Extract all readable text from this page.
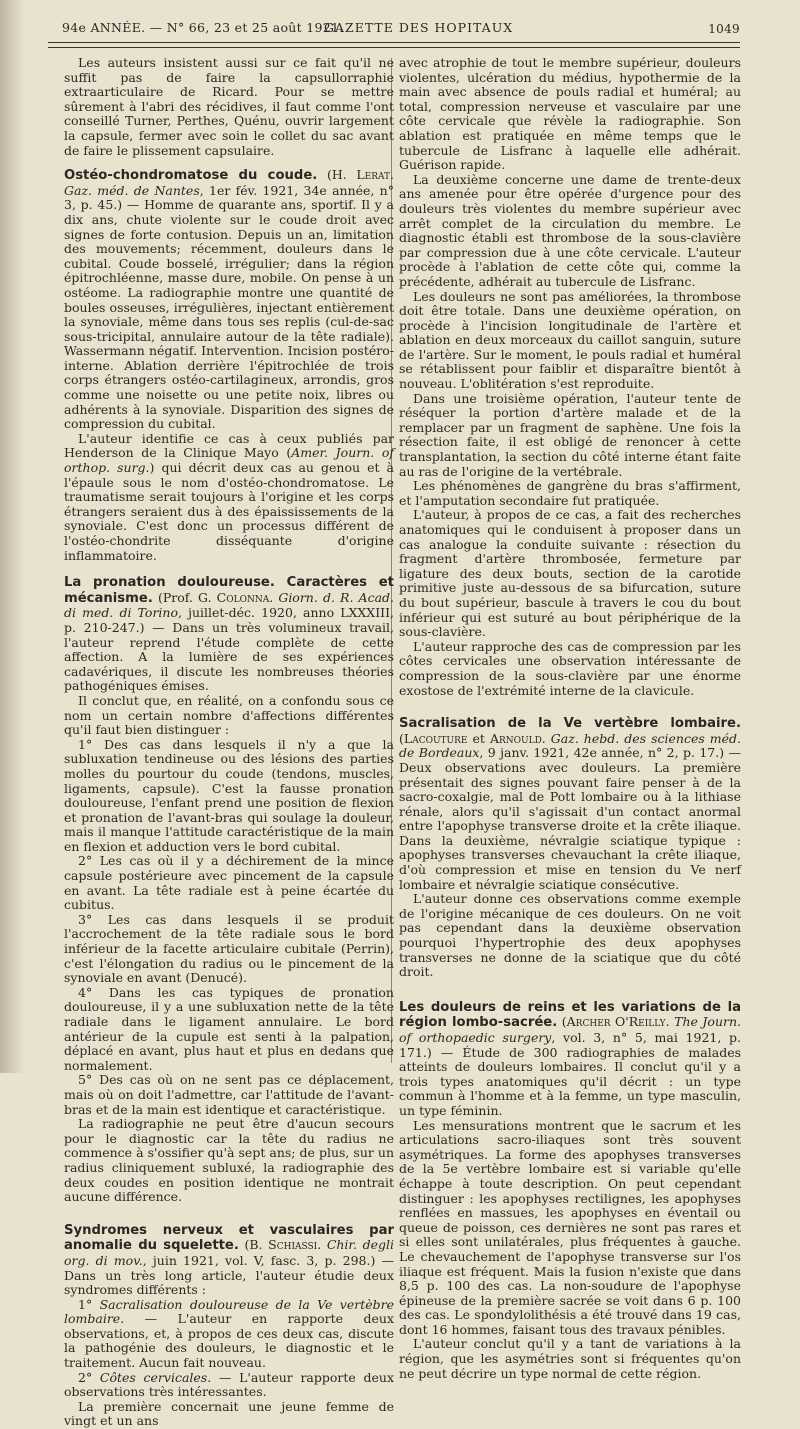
94e ANNÉE. — N° 66, 23 et 25 août 1921.
GAZETTE DES HOPITAUX	1049

Les auteurs insistent aussi sur ce fait qu'il ne suffit pas de faire la capsullorraphie extraarticulaire de Ricard. Pour se mettre sûrement à l'abri des récidives, il faut comme l'ont conseillé Turner, Perthes, Quénu, ouvrir largement la capsule, fermer avec soin le collet du sac avant de faire le plissement capsulaire.

Ostéo-chondromatose du coude. (H. Lerat. Gaz. méd. de Nantes, 1er fév. 1921, 34e année, n° 3, p. 45.) — Homme de quarante ans, sportif. Il y a dix ans, chute violente sur le coude droit avec signes de forte contusion. Depuis un an, limitation des mouvements; récemment, douleurs dans le cubital. Coude bosselé, irrégulier; dans la région épitrochléenne, masse dure, mobile. On pense à un ostéome. La radiographie montre une quantité de boules osseuses, irrégulières, injectant entièrement la synoviale, même dans tous ses replis (cul-de-sac sous-tricipital, annulaire autour de la tête radiale). Wassermann négatif. Intervention. Incision postéro-interne. Ablation derrière l'épitrochlée de trois corps étrangers ostéo-cartilagineux, arrondis, gros comme une noisette ou une petite noix, libres ou adhérents à la synoviale. Disparition des signes de compression du cubital.

L'auteur identifie ce cas à ceux publiés par Henderson de la Clinique Mayo (Amer. Journ. of orthop. surg.) qui décrit deux cas au genou et à l'épaule sous le nom d'ostéo-chondromatose. Le traumatisme serait toujours à l'origine et les corps étrangers seraient dus à des épaississements de la synoviale. C'est donc un processus différent de l'ostéo-chondrite disséquante d'origine inflammatoire.

La pronation douloureuse. Caractères et mécanisme. (Prof. G. Colonna. Giorn. d. R. Acad. di med. di Torino, juillet-déc. 1920, anno LXXXIII, p. 210-247.) — Dans un très volumineux travail, l'auteur reprend l'étude complète de cette affection. A la lumière de ses expériences cadavériques, il discute les nombreuses théories pathogéniques émises.

Il conclut que, en réalité, on a confondu sous ce nom un certain nombre d'affections différentes qu'il faut bien distinguer :

1° Des cas dans lesquels il n'y a que la subluxation tendineuse ou des lésions des parties molles du pourtour du coude (tendons, muscles, ligaments, capsule). C'est la fausse pronation douloureuse, l'enfant prend une position de flexion et pronation de l'avant-bras qui soulage la douleur, mais il manque l'attitude caractéristique de la main en flexion et adduction vers le bord cubital.

2° Les cas où il y a déchirement de la mince capsule postérieure avec pincement de la capsule en avant. La tête radiale est à peine écartée du cubitus.

3° Les cas dans lesquels il se produit l'accrochement de la tête radiale sous le bord inférieur de la facette articulaire cubitale (Perrin), c'est l'élongation du radius ou le pincement de la synoviale en avant (Denucé).

4° Dans les cas typiques de pronation douloureuse, il y a une subluxation nette de la tête radiale dans le ligament annulaire. Le bord antérieur de la cupule est senti à la palpation, déplacé en avant, plus haut et plus en dedans que normalement.

5° Des cas où on ne sent pas ce déplacement, mais où on doit l'admettre, car l'attitude de l'avant-bras et de la main est identique et caractéristique.

La radiographie ne peut être d'aucun secours pour le diagnostic car la tête du radius ne commence à s'ossifier qu'à sept ans; de plus, sur un radius cliniquement subluxé, la radiographie des deux coudes en position identique ne montrait aucune différence.

Syndromes nerveux et vasculaires par anomalie du squelette. (B. Schiassi. Chir. degli org. di mov., juin 1921, vol. V, fasc. 3, p. 298.) — Dans un très long article, l'auteur étudie deux syndromes différents :

1° Sacralisation douloureuse de la Ve vertèbre lombaire. — L'auteur en rapporte deux observations, et, à propos de ces deux cas, discute la pathogénie des douleurs, le diagnostic et le traitement. Aucun fait nouveau.

2° Côtes cervicales. — L'auteur rapporte deux observations très intéressantes.

La première concernait une jeune femme de vingt et un ans

avec atrophie de tout le membre supérieur, douleurs violentes, ulcération du médius, hypothermie de la main avec absence de pouls radial et huméral; au total, compression nerveuse et vasculaire par une côte cervicale que révèle la radiographie. Son ablation est pratiquée en même temps que le tubercule de Lisfranc à laquelle elle adhérait. Guérison rapide.

La deuxième concerne une dame de trente-deux ans amenée pour être opérée d'urgence pour des douleurs très violentes du membre supérieur avec arrêt complet de la circulation du membre. Le diagnostic établi est thrombose de la sous-clavière par compression due à une côte cervicale. L'auteur procède à l'ablation de cette côte qui, comme la précédente, adhérait au tubercule de Lisfranc.

Les douleurs ne sont pas améliorées, la thrombose doit être totale. Dans une deuxième opération, on procède à l'incision longitudinale de l'artère et ablation en deux morceaux du caillot sanguin, suture de l'artère. Sur le moment, le pouls radial et huméral se rétablissent pour faiblir et disparaître bientôt à nouveau. L'oblitération s'est reproduite.

Dans une troisième opération, l'auteur tente de réséquer la portion d'artère malade et de la remplacer par un fragment de saphène. Une fois la résection faite, il est obligé de renoncer à cette transplantation, la section du côté interne étant faite au ras de l'origine de la vertébrale.

Les phénomènes de gangrène du bras s'affirment, et l'amputation secondaire fut pratiquée.

L'auteur, à propos de ce cas, a fait des recherches anatomiques qui le conduisent à proposer dans un cas analogue la conduite suivante : résection du fragment d'artère thrombosée, fermeture par ligature des deux bouts, section de la carotide primitive juste au-dessous de sa bifurcation, suture du bout supérieur, bascule à travers le cou du bout inférieur qui est suturé au bout périphérique de la sous-clavière.

L'auteur rapproche des cas de compression par les côtes cervicales une observation intéressante de compression de la sous-clavière par une énorme exostose de l'extrémité interne de la clavicule.

Sacralisation de la Ve vertèbre lombaire. (Lacouture et Arnould. Gaz. hebd. des sciences méd. de Bordeaux, 9 janv. 1921, 42e année, n° 2, p. 17.) — Deux observations avec douleurs. La première présentait des signes pouvant faire penser à de la sacro-coxalgie, mal de Pott lombaire ou à la lithiase rénale, alors qu'il s'agissait d'un contact anormal entre l'apophyse transverse droite et la crête iliaque. Dans la deuxième, névralgie sciatique typique : apophyses transverses chevauchant la crête iliaque, d'où compression et mise en tension du Ve nerf lombaire et névralgie sciatique consécutive.

L'auteur donne ces observations comme exemple de l'origine mécanique de ces douleurs. On ne voit pas cependant dans la deuxième observation pourquoi l'hypertrophie des deux apophyses transverses ne donne de la sciatique que du côté droit.

Les douleurs de reins et les variations de la région lombo-sacrée. (Archer O'Reilly. The Journ. of orthopaedic surgery, vol. 3, n° 5, mai 1921, p. 171.) — Étude de 300 radiographies de malades atteints de douleurs lombaires. Il conclut qu'il y a trois types anatomiques qu'il décrit : un type commun à l'homme et à la femme, un type masculin, un type féminin.

Les mensurations montrent que le sacrum et les articulations sacro-iliaques sont très souvent asymétriques. La forme des apophyses transverses de la 5e vertèbre lombaire est si variable qu'elle échappe à toute description. On peut cependant distinguer : les apophyses rectilignes, les apophyses renflées en massues, les apophyses en éventail ou queue de poisson, ces dernières ne sont pas rares et si elles sont unilatérales, plus fréquentes à gauche. Le chevauchement de l'apophyse transverse sur l'os iliaque est fréquent. Mais la fusion n'existe que dans 8,5 p. 100 des cas. La non-soudure de l'apophyse épineuse de la première sacrée se voit dans 6 p. 100 des cas. Le spondylolithésis a été trouvé dans 19 cas, dont 16 hommes, faisant tous des travaux pénibles.

L'auteur conclut qu'il y a tant de variations à la région, que les asymétries sont si fréquentes qu'on ne peut décrire un type normal de cette région.
